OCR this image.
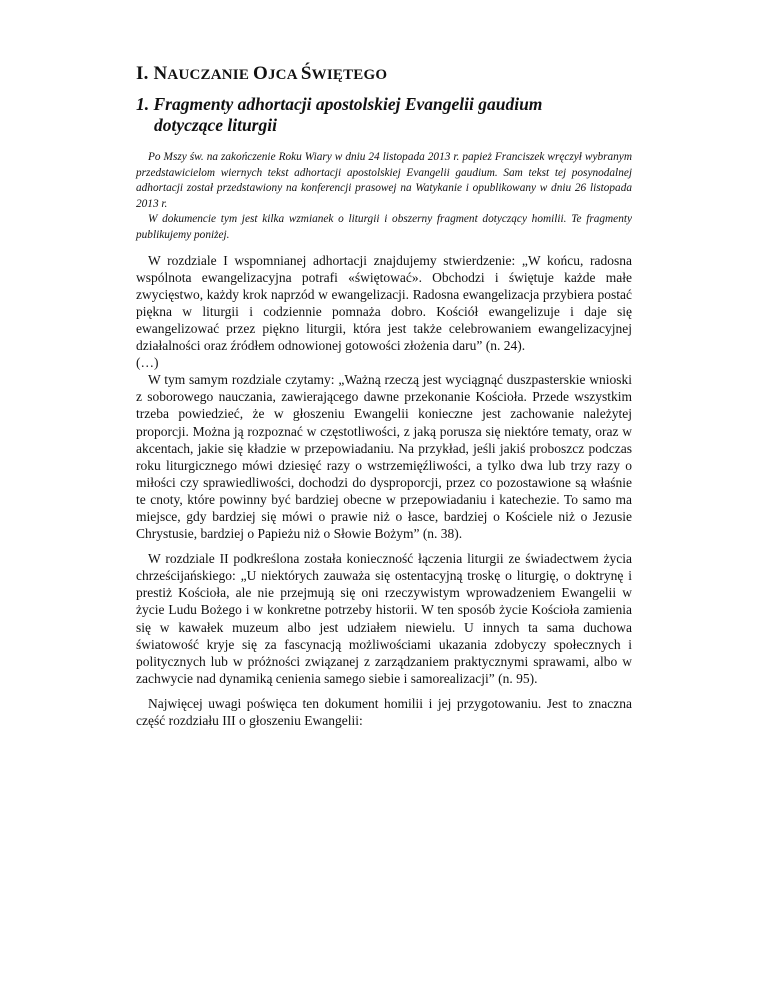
I. NAUCZANIE OJCA ŚWIĘTEGO
1. Fragmenty adhortacji apostolskiej Evangelii gaudium
dotyczące liturgii

Po Mszy św. na zakończenie Roku Wiary w dniu 24 listopada 2013 r. papież Franciszek wręczył wybranym przedstawicielom wiernych tekst adhortacji apostolskiej Evangelii gaudium. Sam tekst tej posynodalnej adhortacji został przedstawiony na konferencji prasowej na Watykanie i opublikowany w dniu 26 listopada 2013 r.

W dokumencie tym jest kilka wzmianek o liturgii i obszerny fragment dotyczący homilii. Te fragmenty publikujemy poniżej.

W rozdziale I wspomnianej adhortacji znajdujemy stwierdzenie: „W końcu, radosna wspólnota ewangelizacyjna potrafi «świętować». Obchodzi i świętuje każde małe zwycięstwo, każdy krok naprzód w ewangelizacji. Radosna ewangelizacja przybiera postać piękna w liturgii i codziennie pomnaża dobro. Kościół ewangelizuje i daje się ewangelizować przez piękno liturgii, która jest także celebrowaniem ewangelizacyjnej działalności oraz źródłem odnowionej gotowości złożenia daru” (n. 24).

(…)

W tym samym rozdziale czytamy: „Ważną rzeczą jest wyciągnąć duszpasterskie wnioski z soborowego nauczania, zawierającego dawne przekonanie Kościoła. Przede wszystkim trzeba powiedzieć, że w głoszeniu Ewangelii konieczne jest zachowanie należytej proporcji. Można ją rozpoznać w częstotliwości, z jaką porusza się niektóre tematy, oraz w akcentach, jakie się kładzie w przepowiadaniu. Na przykład, jeśli jakiś proboszcz podczas roku liturgicznego mówi dziesięć razy o wstrzemięźliwości, a tylko dwa lub trzy razy o miłości czy sprawiedliwości, dochodzi do dysproporcji, przez co pozostawione są właśnie te cnoty, które powinny być bardziej obecne w przepowiadaniu i katechezie. To samo ma miejsce, gdy bardziej się mówi o prawie niż o łasce, bardziej o Kościele niż o Jezusie Chrystusie, bardziej o Papieżu niż o Słowie Bożym” (n. 38).

W rozdziale II podkreślona została konieczność łączenia liturgii ze świadectwem życia chrześcijańskiego: „U niektórych zauważa się ostentacyjną troskę o liturgię, o doktrynę i prestiż Kościoła, ale nie przejmują się oni rzeczywistym wprowadzeniem Ewangelii w życie Ludu Bożego i w konkretne potrzeby historii. W ten sposób życie Kościoła zamienia się w kawałek muzeum albo jest udziałem niewielu. U innych ta sama duchowa światowość kryje się za fascynacją możliwościami ukazania zdobyczy społecznych i politycznych lub w próżności związanej z zarządzaniem praktycznymi sprawami, albo w zachwycie nad dynamiką cenienia samego siebie i samorealizacji” (n. 95).

Najwięcej uwagi poświęca ten dokument homilii i jej przygotowaniu. Jest to znaczna część rozdziału III o głoszeniu Ewangelii:
